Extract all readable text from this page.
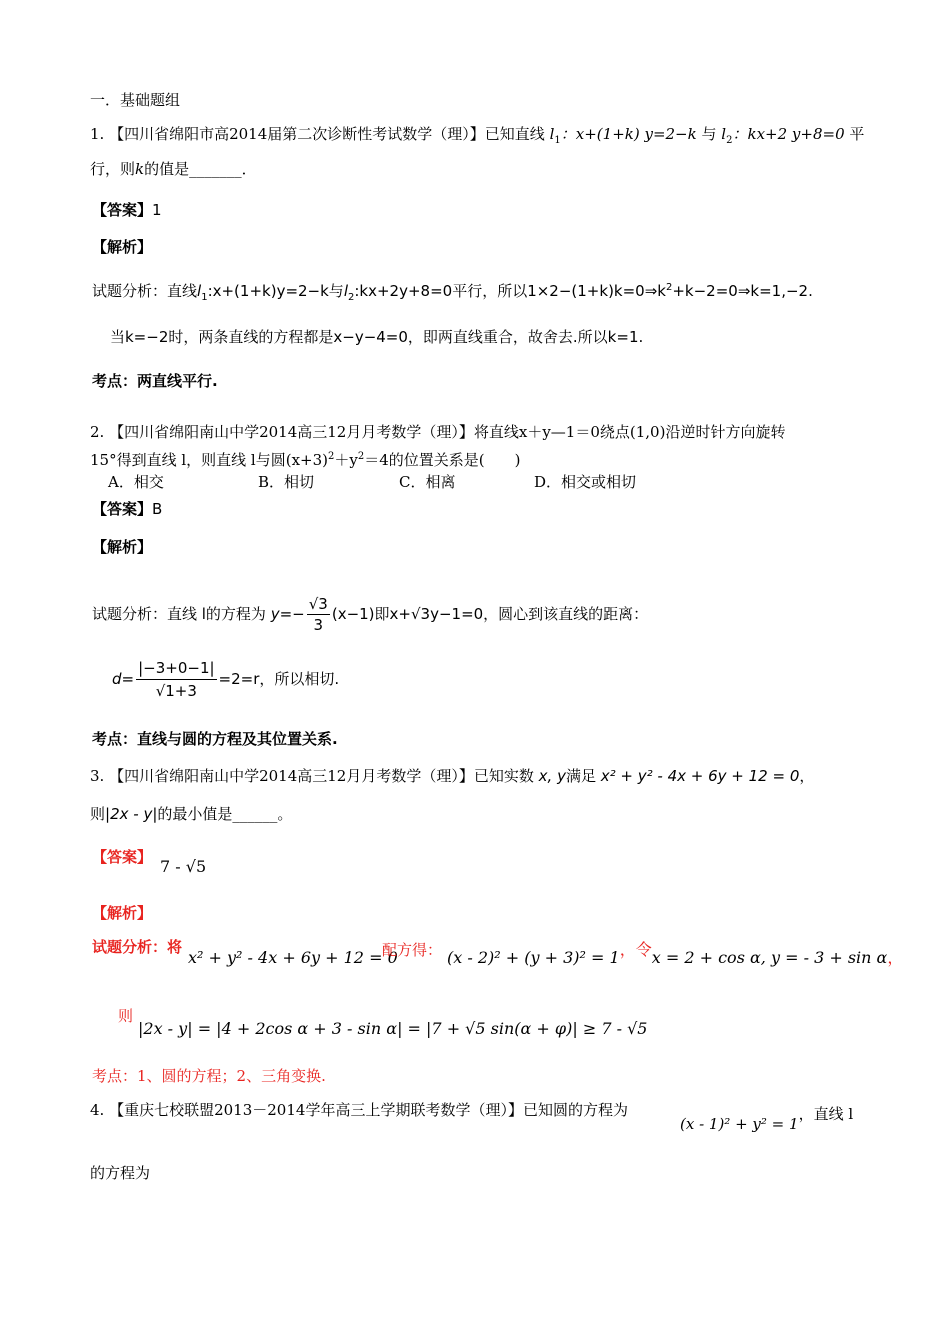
一．基础题组
1. 【四川省绵阳市高2014届第二次诊断性考试数学（理）】已知直线 $l_1$：x+(1+k) y=2−k 与 $l_2$：kx+2 y+8=0 平
行，则k的值是_______．
【答案】1
【解析】
试题分析：直线$l_1:x+(1+k)y=2-k$与$l_2:kx+2y+8=0$平行，所以$1\times 2-(1+k)k=0\Rightarrow k^2+k-2=0\Rightarrow k=1,-2$.
当k=−2时，两条直线的方程都是x−y−4=0，即两直线重合，故舍去.所以k=1.
考点：两直线平行.
2. 【四川省绵阳南山中学2014高三12月月考数学（理）】将直线x＋y—1＝0绕点(1,0)沿逆时针方向旋转
15°得到直线 l，则直线 l与圆$(x+3)^2+y^2=4$的位置关系是(　　)
A．相交	B．相切	C．相离	D．相交或相切
【答案】B
【解析】
试题分析：直线 l的方程为 $y=- \frac{√3}{3} (x-1)$即x+√3y−1=0，圆心到该直线的距离：
$d= \frac{|-3+0-1|}{√1+3} =2=r$，所以相切.
考点：直线与圆的方程及其位置关系.
3. 【四川省绵阳南山中学2014高三12月月考数学（理）】已知实数 x, y满足 x² + y² - 4x + 6y + 12 = 0，
则|2x - y|的最小值是______。
【答案】 7 - √5
【解析】
试题分析：将
x² + y² - 4x + 6y + 12 = 0
配方得： (x - 2)² + (y + 3)² = 1，令x = 2 + cos α, y = - 3 + sin α，
则
|2x - y| = |4 + 2cos α + 3 - sin α| = |7 + √5 sin(α + φ)| ≥ 7 - √5
考点：1、圆的方程；2、三角变换.
4. 【重庆七校联盟2013－2014学年高三上学期联考数学（理）】已知圆的方程为
(x - 1)² + y² = 1，直线 l
的方程为
